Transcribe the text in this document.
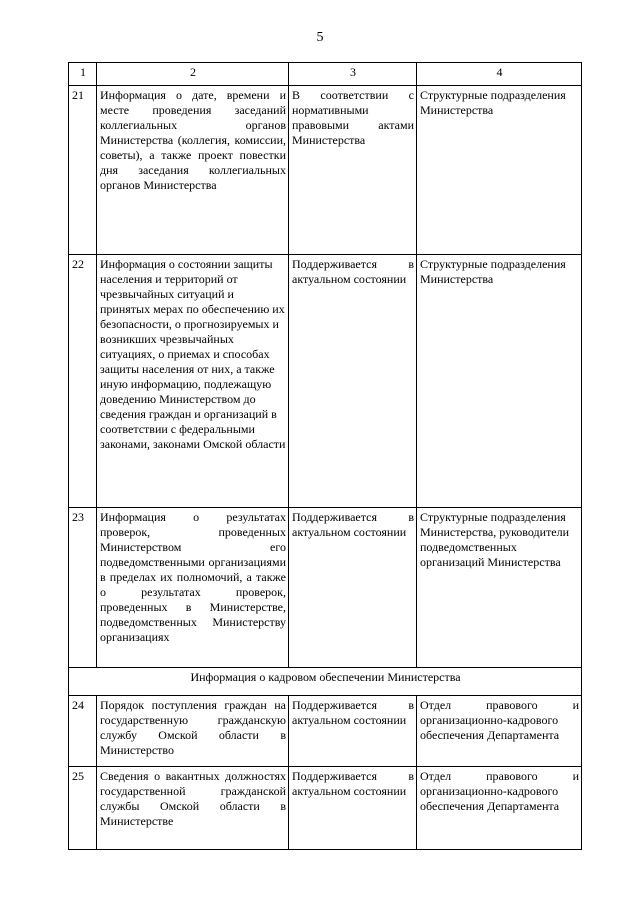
5
1	2	3	4
21	Информация о дате, времени и месте проведения заседаний коллегиальных органов Министерства (коллегия, комиссии, советы), а также проект повестки дня заседания коллегиальных органов Министерства	В соответствии с нормативными правовыми актами Министерства	Структурные подразделения Министерства
22	Информация о состоянии защиты населения и территорий от чрезвычайных ситуаций и принятых мерах по обеспечению их безопасности, о прогнозируемых и возникших чрезвычайных ситуациях, о приемах и способах защиты населения от них, а также иную информацию, подлежащую доведению Министерством до сведения граждан и организаций в соответствии с федеральными законами, законами Омской области	Поддерживается в актуальном состоянии	Структурные подразделения Министерства
23	Информация о результатах проверок, проведенных Министерством его подведомственными организациями в пределах их полномочий, а также о результатах проверок, проведенных в Министерстве, подведомственных Министерству организациях	Поддерживается в актуальном состоянии	Структурные подразделения Министерства, руководители подведомственных организаций Министерства
Информация о кадровом обеспечении Министерства			
24	Порядок поступления граждан на государственную гражданскую службу Омской области в Министерство	Поддерживается в актуальном состоянии	Отдел правового и организационно-кадрового обеспечения Департамента
25	Сведения о вакантных должностях государственной гражданской службы Омской области в Министерстве	Поддерживается в актуальном состоянии	Отдел правового и организационно-кадрового обеспечения Департамента
